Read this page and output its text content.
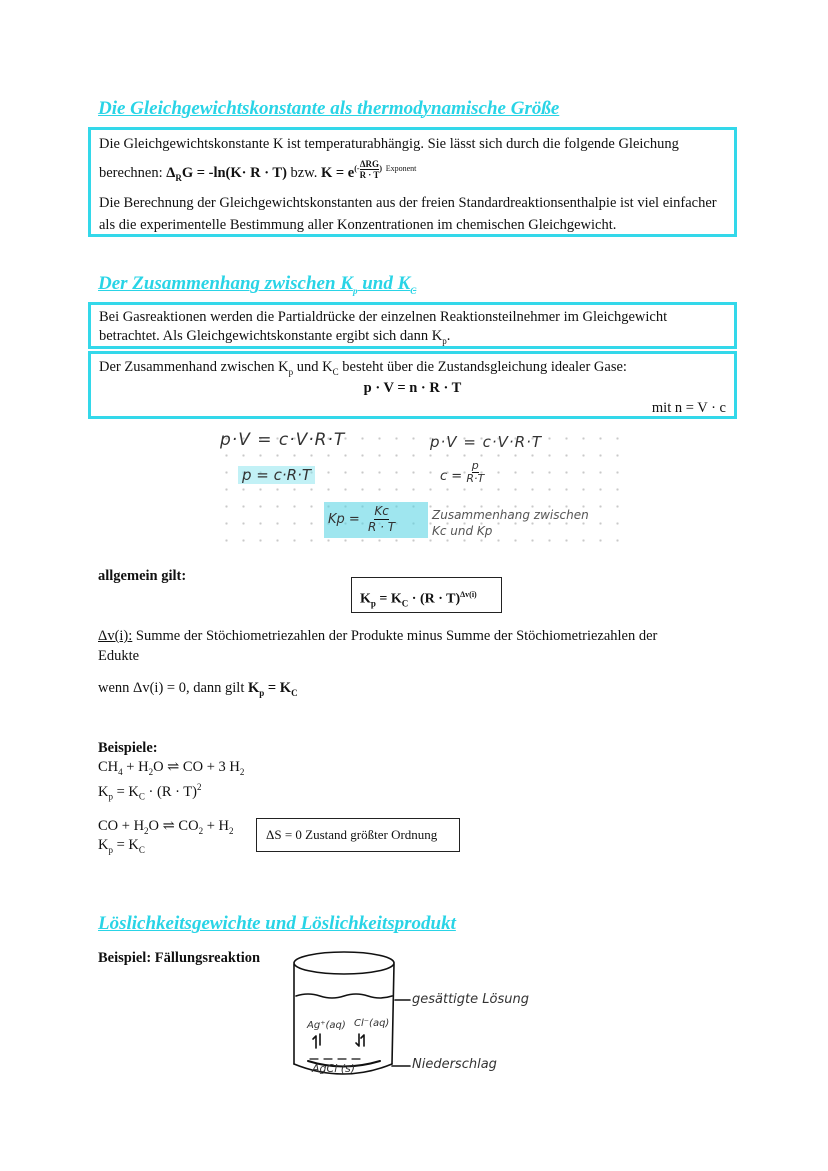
Die Gleichgewichtskonstante als thermodynamische Größe
Die Gleichgewichtskonstante K ist temperaturabhängig. Sie lässt sich durch die folgende Gleichung
berechnen: $\Delta_RG = -\ln(K\cdot R \cdot T)$ bzw. $K = e^{(- \frac{\text{ΔRG}}{R \cdot T} )}$ $^{Exponent}$
Die Berechnung der Gleichgewichtskonstanten aus der freien Standardreaktionsenthalpie ist viel einfacher als die experimentelle Bestimmung aller Konzentrationen im chemischen Gleichgewicht.
Der Zusammenhang zwischen $K_p$ und $K_C$
Bei Gasreaktionen werden die Partialdrücke der einzelnen Reaktionsteilnehmer im Gleichgewicht
betrachtet. Als Gleichgewichtskonstante ergibt sich dann $K_p$.
Der Zusammenhand zwischen $K_p$ und $K_C$ besteht über die Zustandsgleichung idealer Gase:
p · V = n · R · T
mit n = V · c
p·V = c·V·R·T	p·V = c·V·R·T
p = c·R·T	$c = \frac{p}{R\cdot T}$
$Kp = \frac{Kc}{R \cdot T}$	Zusammenhang zwischen
Kc und Kp
allgemein gilt:
$K_p = K_C \cdot (R \cdot T)^{\Delta v(i)}$
Δv(i): Summe der Stöchiometriezahlen der Produkte minus Summe der Stöchiometriezahlen der
Edukte
wenn Δv(i) = 0, dann gilt $K_p = K_C$
Beispiele:
$CH_4 + H_2O$ ⇌ CO + 3 $H_2$
$K_p = K_C \cdot (R \cdot T)^2$
CO + $H_2O$ ⇌ $CO_2 + H_2$
$K_p = K_C$
ΔS = 0 Zustand größter Ordnung
Löslichkeitsgewichte und Löslichkeitsprodukt
Beispiel: Fällungsreaktion
Ag⁺(aq) Cl⁻(aq)
AgCl (s)
gesättigte Lösung
Niederschlag
